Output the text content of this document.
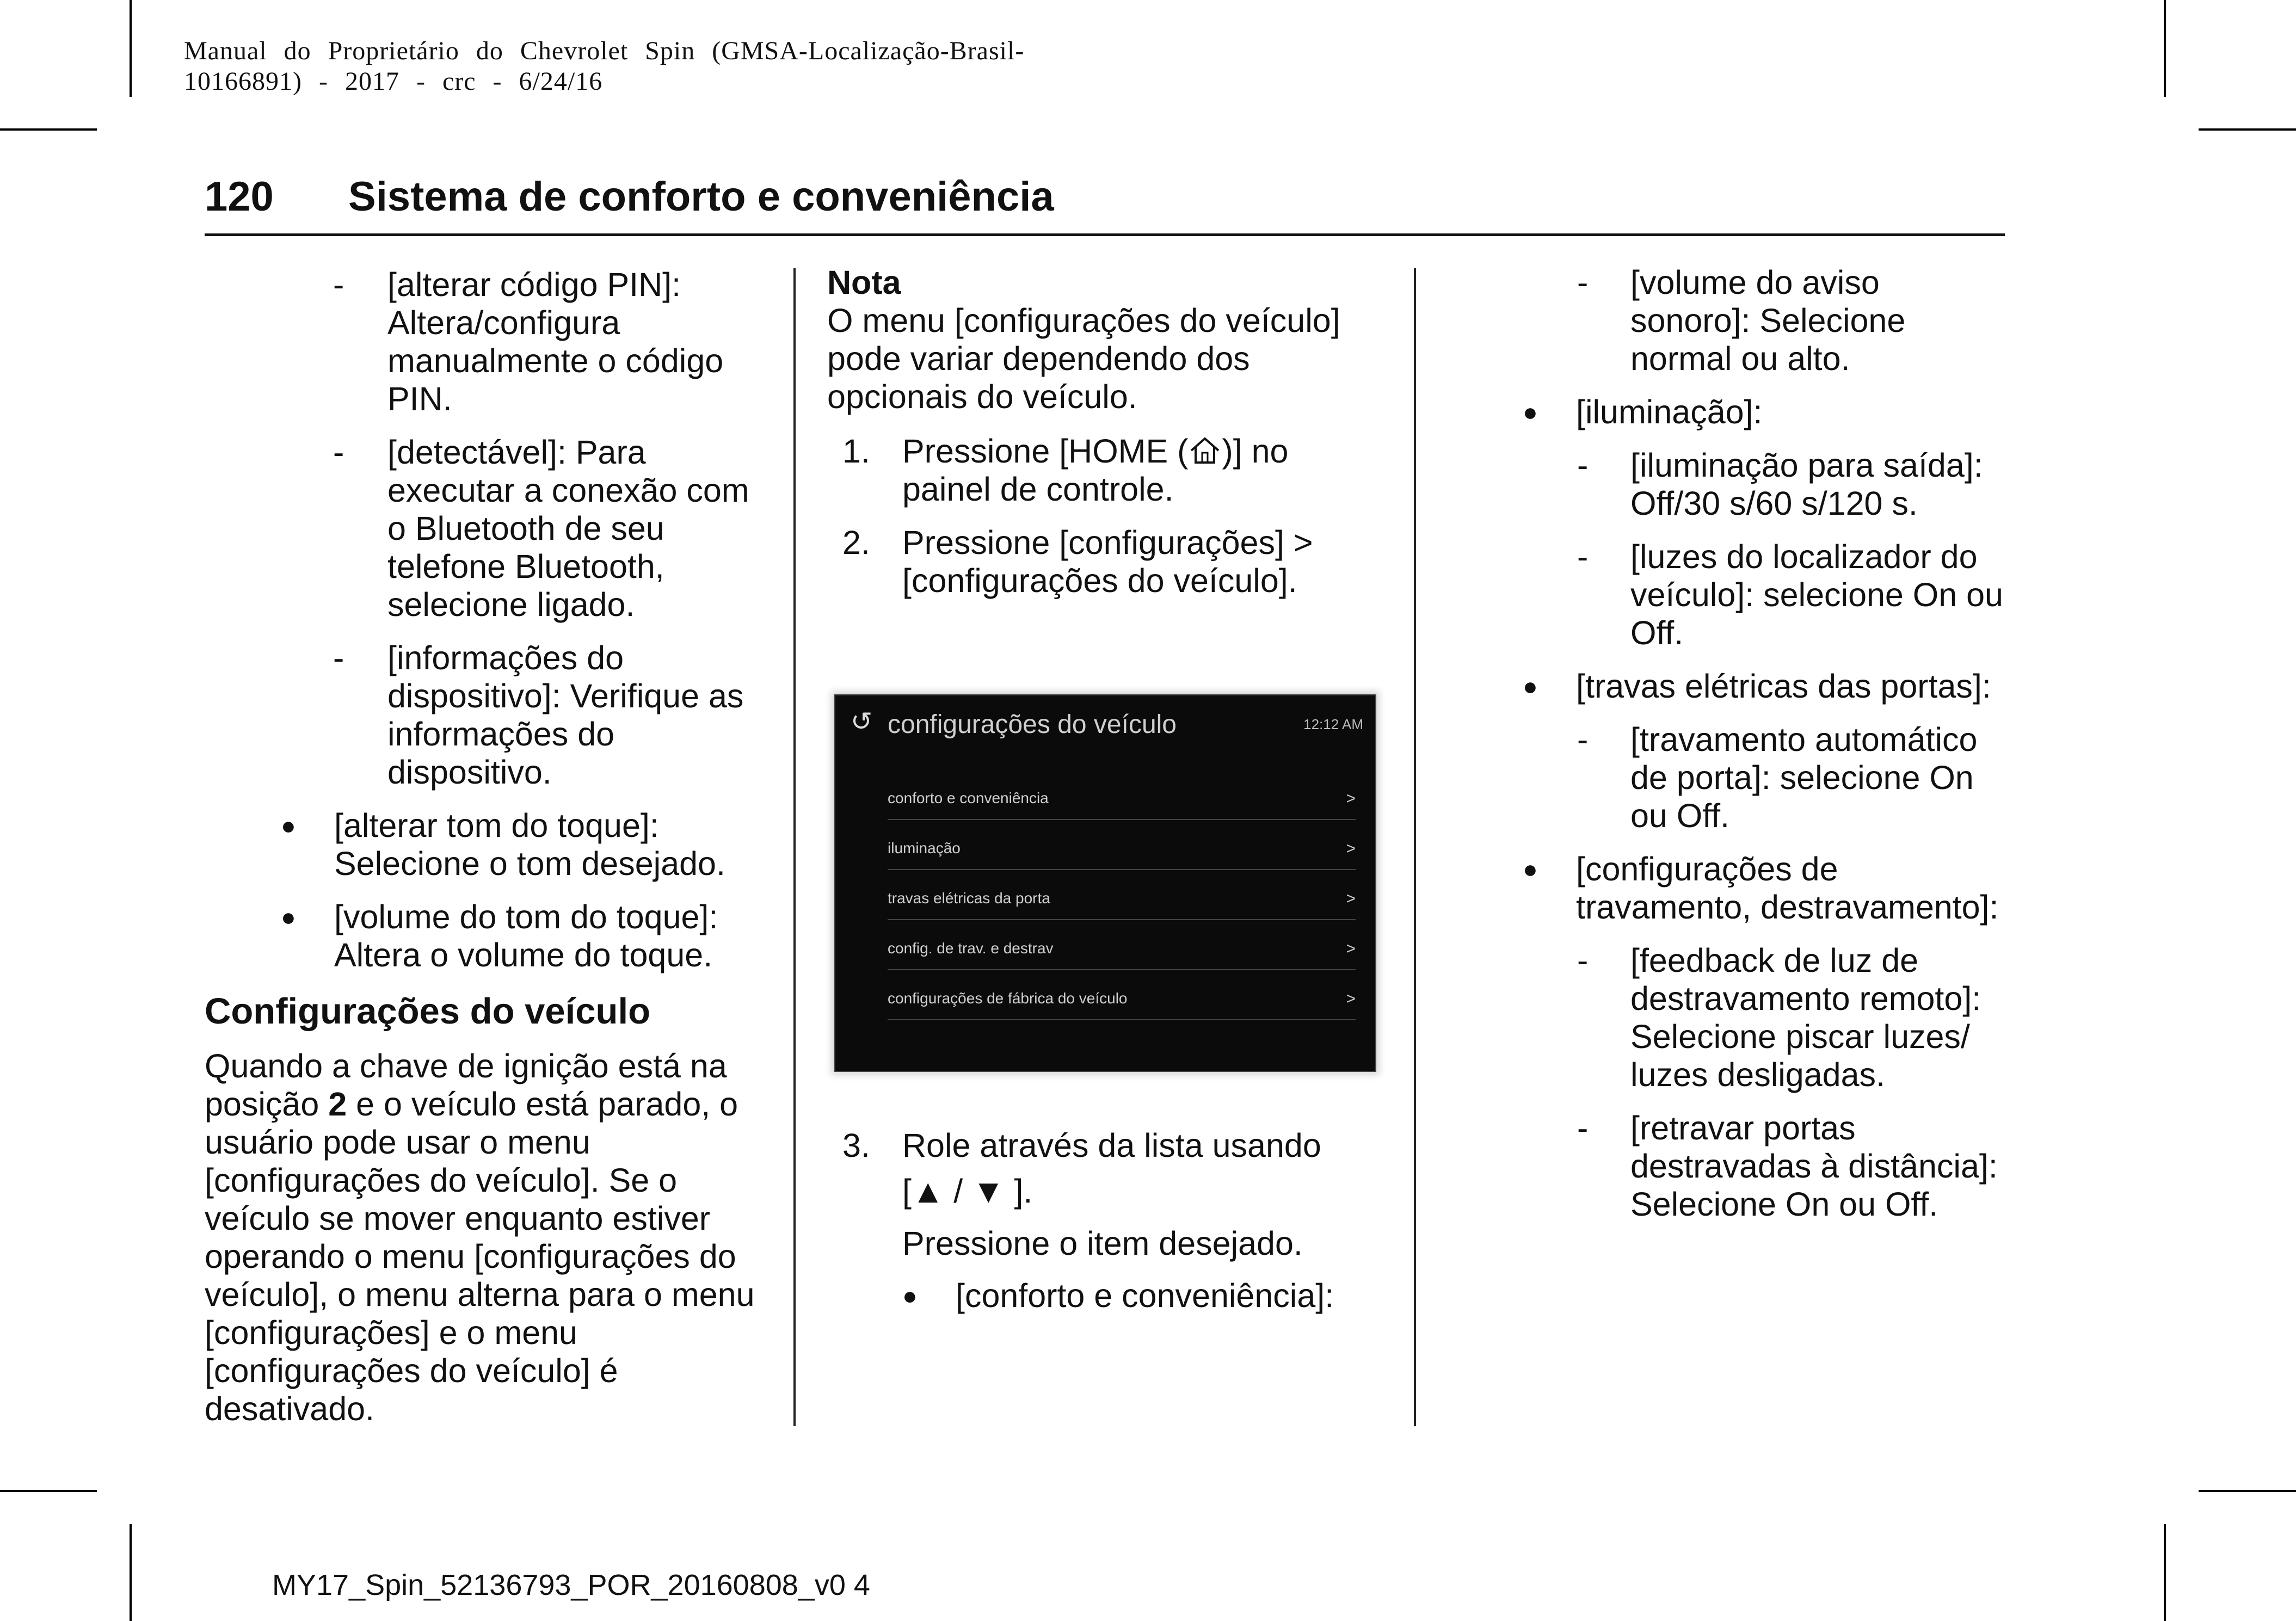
Manual do Proprietário do Chevrolet Spin (GMSA-Localização-Brasil-
10166891) - 2017 - crc - 6/24/16
120 Sistema de conforto e conveniência
- [alterar código PIN]: Altera/configura manualmente o código PIN.
- [detectável]: Para executar a conexão com o Bluetooth de seu telefone Bluetooth, selecione ligado.
- [informações do dispositivo]: Verifique as informações do dispositivo.
● [alterar tom do toque]: Selecione o tom desejado.
● [volume do tom do toque]: Altera o volume do toque.
Configurações do veículo

Quando a chave de ignição está na posição 2 e o veículo está parado, o usuário pode usar o menu [configurações do veículo]. Se o veículo se mover enquanto estiver operando o menu [configurações do veículo], o menu alterna para o menu [configurações] e o menu [configurações do veículo] é desativado.

Nota
O menu [configurações do veículo] pode variar dependendo dos opcionais do veículo.
1. Pressione [HOME ( )] no painel de controle.
2. Pressione [configurações] > [configurações do veículo].
↺ configurações do veículo	12:12 AM
conforto e conveniência	>
iluminação	>
travas elétricas da porta	>
config. de trav. e destrav	>
configurações de fábrica do veículo	>
3. Role através da lista usando
[▲ / ▼ ].
Pressione o item desejado.
● [conforto e conveniência]:
- [volume do aviso sonoro]: Selecione normal ou alto.
● [iluminação]:
- [iluminação para saída]: Off/30 s/60 s/120 s.
- [luzes do localizador do veículo]: selecione On ou Off.
● [travas elétricas das portas]:
- [travamento automático de porta]: selecione On ou Off.
● [configurações de travamento, destravamento]:
- [feedback de luz de destravamento remoto]: Selecione piscar luzes/ luzes desligadas.
- [retravar portas destravadas à distância]: Selecione On ou Off.
MY17_Spin_52136793_POR_20160808_v0 4
